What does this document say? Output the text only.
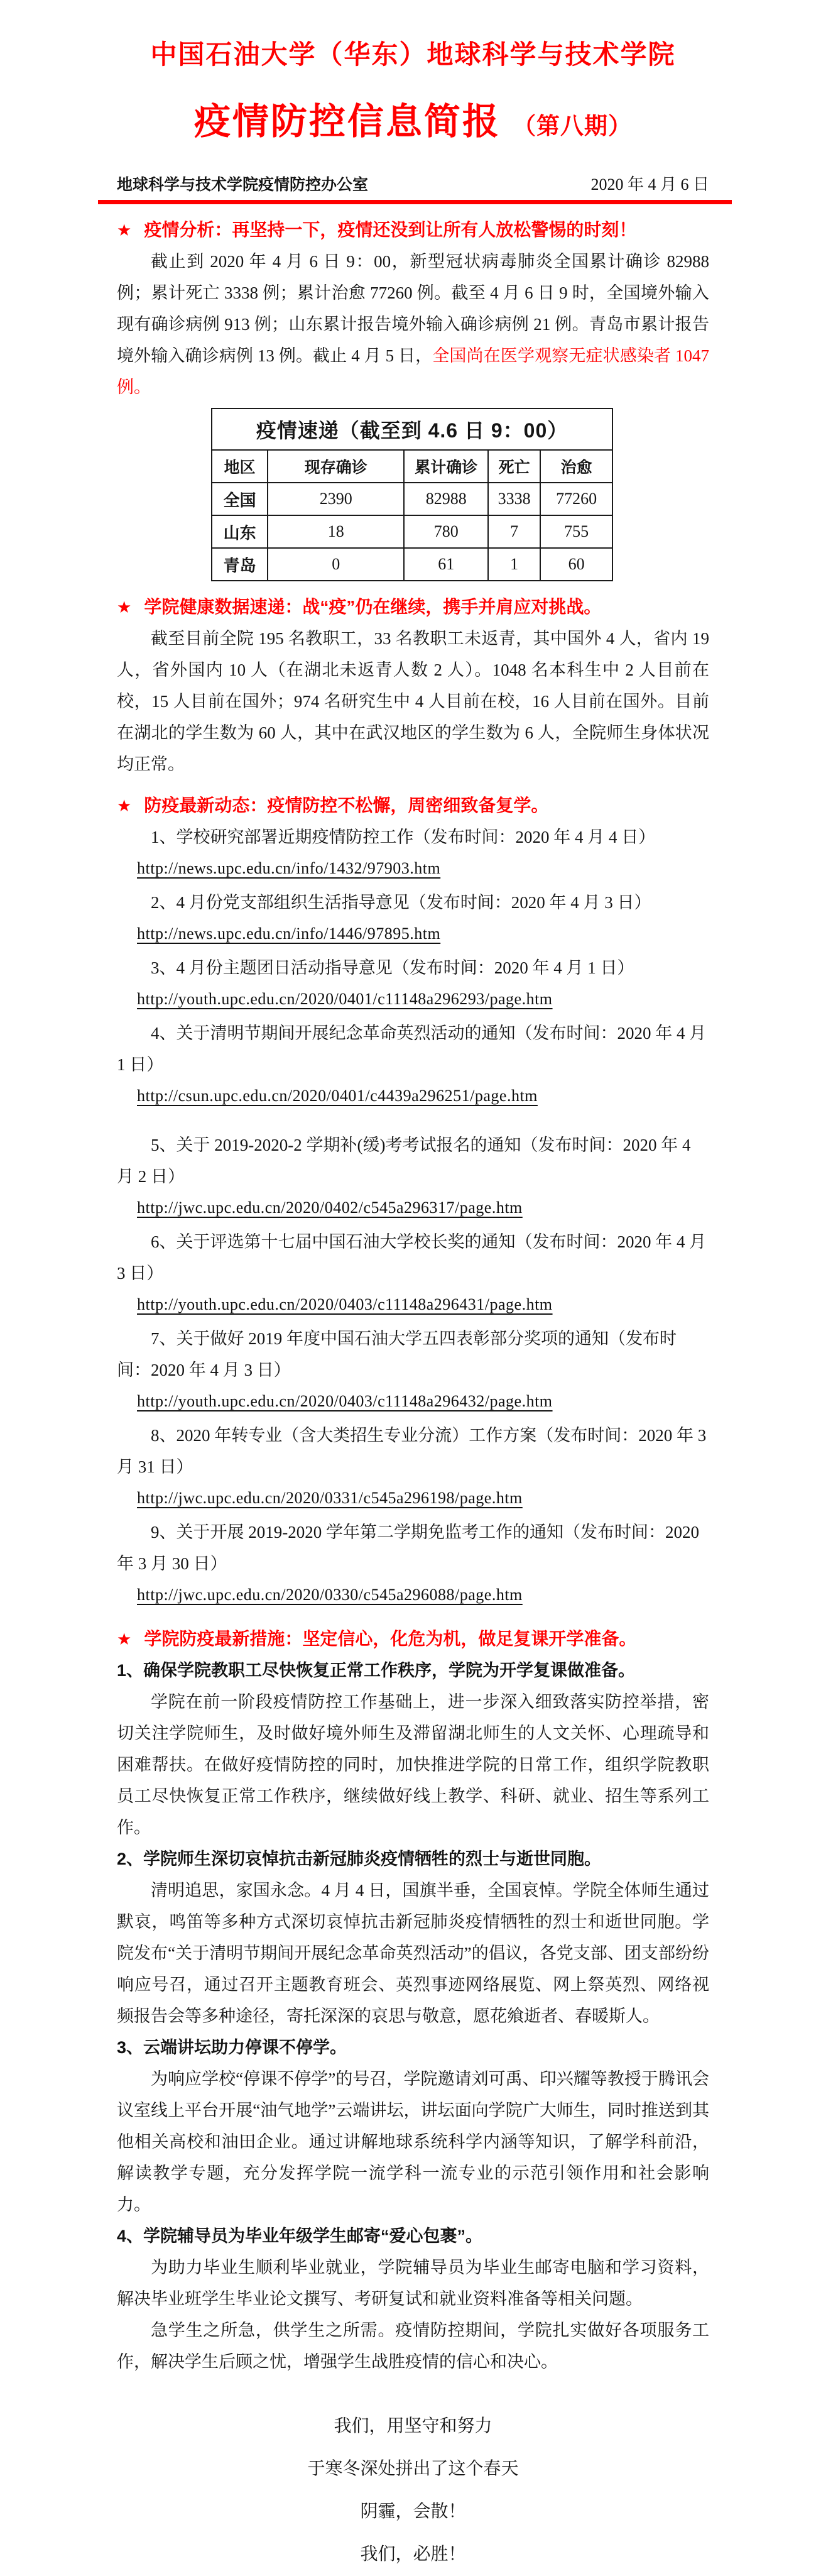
中国石油大学（华东）地球科学与技术学院
疫情防控信息简报 （第八期）
地球科学与技术学院疫情防控办公室	2020 年 4 月 6 日
★ 疫情分析：再坚持一下，疫情还没到让所有人放松警惕的时刻！

截止到 2020 年 4 月 6 日 9：00，新型冠状病毒肺炎全国累计确诊 82988 例；累计死亡 3338 例；累计治愈 77260 例。截至 4 月 6 日 9 时，全国境外输入现有确诊病例 913 例；山东累计报告境外输入确诊病例 21 例。青岛市累计报告境外输入确诊病例 13 例。截止 4 月 5 日，全国尚在医学观察无症状感染者 1047 例。

疫情速递（截至到 4.6 日 9：00）				
地区	现存确诊	累计确诊	死亡	治愈
全国	2390	82988	3338	77260
山东	18	780	7	755
青岛	0	61	1	60
★ 学院健康数据速递：战“疫”仍在继续，携手并肩应对挑战。

截至目前全院 195 名教职工，33 名教职工未返青，其中国外 4 人，省内 19 人，省外国内 10 人（在湖北未返青人数 2 人）。1048 名本科生中 2 人目前在校，15 人目前在国外；974 名研究生中 4 人目前在校，16 人目前在国外。目前在湖北的学生数为 60 人，其中在武汉地区的学生数为 6 人，全院师生身体状况均正常。

★ 防疫最新动态：疫情防控不松懈，周密细致备复学。

1、学校研究部署近期疫情防控工作（发布时间：2020 年 4 月 4 日）

http://news.upc.edu.cn/info/1432/97903.htm

2、4 月份党支部组织生活指导意见（发布时间：2020 年 4 月 3 日）

http://news.upc.edu.cn/info/1446/97895.htm

3、4 月份主题团日活动指导意见（发布时间：2020 年 4 月 1 日）

http://youth.upc.edu.cn/2020/0401/c11148a296293/page.htm

4、关于清明节期间开展纪念革命英烈活动的通知（发布时间：2020 年 4 月 1 日）

http://csun.upc.edu.cn/2020/0401/c4439a296251/page.htm

5、关于 2019-2020-2 学期补(缓)考考试报名的通知（发布时间：2020 年 4 月 2 日）

http://jwc.upc.edu.cn/2020/0402/c545a296317/page.htm

6、关于评选第十七届中国石油大学校长奖的通知（发布时间：2020 年 4 月 3 日）

http://youth.upc.edu.cn/2020/0403/c11148a296431/page.htm

7、关于做好 2019 年度中国石油大学五四表彰部分奖项的通知（发布时间：2020 年 4 月 3 日）

http://youth.upc.edu.cn/2020/0403/c11148a296432/page.htm

8、2020 年转专业（含大类招生专业分流）工作方案（发布时间：2020 年 3 月 31 日）

http://jwc.upc.edu.cn/2020/0331/c545a296198/page.htm

9、关于开展 2019-2020 学年第二学期免监考工作的通知（发布时间：2020 年 3 月 30 日）

http://jwc.upc.edu.cn/2020/0330/c545a296088/page.htm

★ 学院防疫最新措施：坚定信心，化危为机，做足复课开学准备。

1、确保学院教职工尽快恢复正常工作秩序，学院为开学复课做准备。

学院在前一阶段疫情防控工作基础上，进一步深入细致落实防控举措，密切关注学院师生，及时做好境外师生及滞留湖北师生的人文关怀、心理疏导和困难帮扶。在做好疫情防控的同时，加快推进学院的日常工作，组织学院教职员工尽快恢复正常工作秩序，继续做好线上教学、科研、就业、招生等系列工作。

2、学院师生深切哀悼抗击新冠肺炎疫情牺牲的烈士与逝世同胞。

清明追思，家国永念。4 月 4 日，国旗半垂，全国哀悼。学院全体师生通过默哀，鸣笛等多种方式深切哀悼抗击新冠肺炎疫情牺牲的烈士和逝世同胞。学院发布“关于清明节期间开展纪念革命英烈活动”的倡议，各党支部、团支部纷纷响应号召，通过召开主题教育班会、英烈事迹网络展览、网上祭英烈、网络视频报告会等多种途径，寄托深深的哀思与敬意，愿花飨逝者、春暖斯人。

3、云端讲坛助力停课不停学。

为响应学校“停课不停学”的号召，学院邀请刘可禹、印兴耀等教授于腾讯会议室线上平台开展“油气地学”云端讲坛，讲坛面向学院广大师生，同时推送到其他相关高校和油田企业。通过讲解地球系统科学内涵等知识，了解学科前沿，解读教学专题，充分发挥学院一流学科一流专业的示范引领作用和社会影响力。

4、学院辅导员为毕业年级学生邮寄“爱心包裹”。

为助力毕业生顺利毕业就业，学院辅导员为毕业生邮寄电脑和学习资料，解决毕业班学生毕业论文撰写、考研复试和就业资料准备等相关问题。

急学生之所急，供学生之所需。疫情防控期间，学院扎实做好各项服务工作，解决学生后顾之忧，增强学生战胜疫情的信心和决心。

我们，用坚守和努力

于寒冬深处拼出了这个春天

阴霾，会散！

我们，必胜！
